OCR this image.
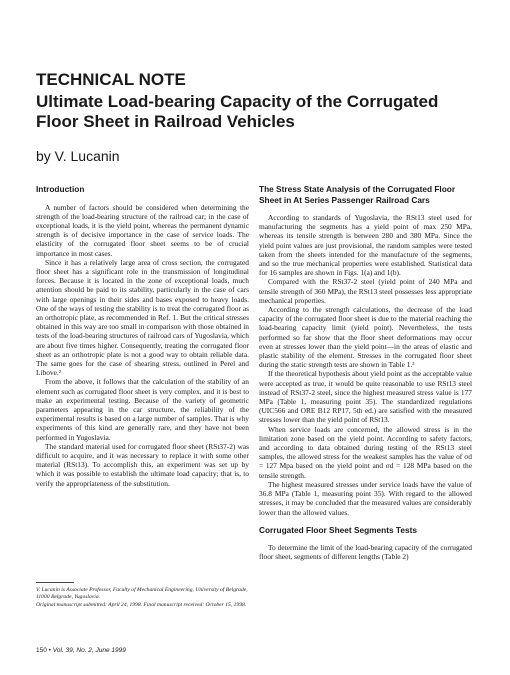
TECHNICAL NOTE
Ultimate Load-bearing Capacity of the Corrugated Floor Sheet in Railroad Vehicles
by V. Lucanin
Introduction

A number of factors should be considered when determining the strength of the load-bearing structure of the railroad car; in the case of exceptional loads, it is the yield point, whereas the permanent dynamic strength is of decisive importance in the case of service loads. The elasticity of the corrugated floor sheet seems to be of crucial importance in most cases.

Since it has a relatively large area of cross section, the corrugated floor sheet has a significant role in the transmission of longitudinal forces. Because it is located in the zone of exceptional loads, much attention should be paid to its stability, particularly in the case of cars with large openings in their sides and bases exposed to heavy loads. One of the ways of testing the stability is to treat the corrugated floor as an orthotropic plate, as recommended in Ref. 1. But the critical stresses obtained in this way are too small in comparison with those obtained in tests of the load-bearing structures of railroad cars of Yugoslavia, which are about five times higher. Consequently, treating the corrugated floor sheet as an orthotropic plate is not a good way to obtain reliable data. The same goes for the case of shearing stress, outlined in Perel and Libove.²

From the above, it follows that the calculation of the stability of an element such as corrugated floor sheet is very complex, and it is best to make an experimental testing. Because of the variety of geometric parameters appearing in the car structure, the reliability of the experimental results is based on a large number of samples. That is why experiments of this kind are generally rare, and they have not been performed in Yugoslavia.

The standard material used for corrugated floor sheet (RSt37-2) was difficult to acquire, and it was necessary to replace it with some other material (RSt13). To accomplish this, an experiment was set up by which it was possible to establish the ultimate load capacity; that is, to verify the appropriateness of the substitution.

V. Lucanin is Associate Professor, Faculty of Mechanical Engineering, University of Belgrade, 11000 Belgrade, Yugoslavia.

Original manuscript submitted: April 24, 1998. Final manuscript received: October 15, 1998.

The Stress State Analysis of the Corrugated Floor Sheet in At Series Passenger Railroad Cars

According to standards of Yugoslavia, the RSt13 steel used for manufacturing the segments has a yield point of max 250 MPa, whereas its tensile strength is between 280 and 380 MPa. Since the yield point values are just provisional, the random samples were tested taken from the sheets intended for the manufacture of the segments, and so the true mechanical properties were established. Statistical data for 16 samples are shown in Figs. 1(a) and 1(b).

Compared with the RSt37-2 steel (yield point of 240 MPa and tensile strength of 360 MPa), the RSt13 steel possesses less appropriate mechanical properties.

According to the strength calculations, the decrease of the load capacity of the corrugated floor sheet is due to the material reaching the load-bearing capacity limit (yield point). Nevertheless, the tests performed so far show that the floor sheet deformations may occur even at stresses lower than the yield point—in the areas of elastic and plastic stability of the element. Stresses in the corrugated floor sheet during the static strength tests are shown in Table 1.³

If the theoretical hypothesis about yield point as the acceptable value were accepted as true, it would be quite reasonable to use RSt13 steel instead of RSt37-2 steel, since the highest measured stress value is 177 MPa (Table 1, measuring point 35). The standardized regulations (UIC566 and ORE B12 RP17, 5th ed.) are satisfied with the measured stresses lower than the yield point of RSt13.

When service loads are concerned, the allowed stress is in the limitation zone based on the yield point. According to safety factors, and according to data obtained during testing of the RSt13 steel samples, the allowed stress for the weakest samples has the value of σd = 127 Mpa based on the yield point and σd = 128 MPa based on the tensile strength.

The highest measured stresses under service loads have the value of 36.8 MPa (Table 1, measuring point 35). With regard to the allowed stresses, it may be concluded that the measured values are considerably lower than the allowed values.

Corrugated Floor Sheet Segments Tests

To determine the limit of the load-bearing capacity of the corrugated floor sheet, segments of different lengths (Table 2)

150 • Vol. 39, No. 2, June 1999
